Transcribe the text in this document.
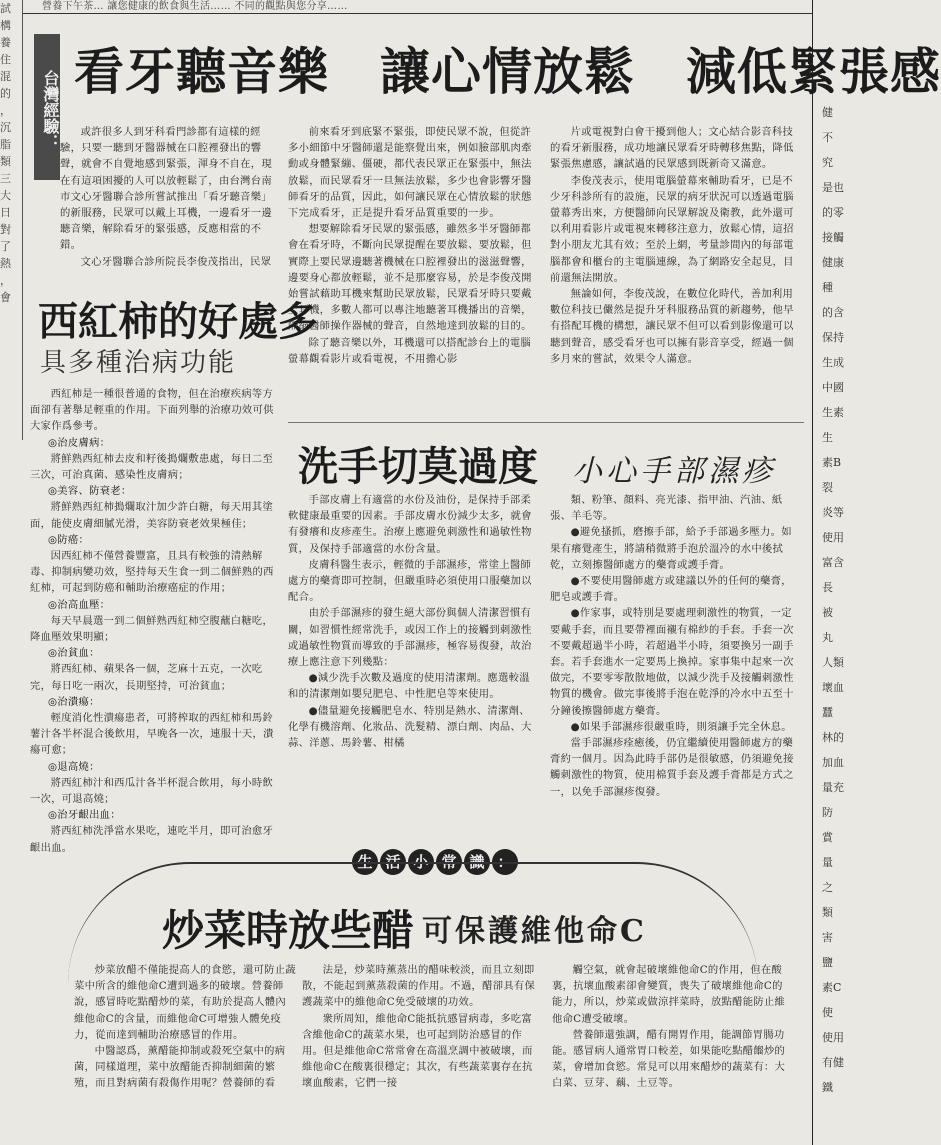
營養下午茶… 讓您健康的飲食與生活…… 不同的觀點與您分享……
試
構
養
住
混
的
，
沉
脂
類
三
大
日
對
了
熱
，
會
健
不
究
是也
的零
接觸
健康
種
的含
保持
生成
中國
生素
生
素B
裂
炎等
使用
富含
長
被
丸
人類
壞血
蠶
林的
加血
量充
防
賞
量
之
類
害
鹽
素C
使
使用
有健
鐵
台灣經驗： 看牙聽音樂　讓心情放鬆　減低緊張感

或許很多人到牙科看門診都有這樣的經驗，只要一聽到牙醫器械在口腔裡發出的響聲，就會不自覺地感到緊張，渾身不自在，現在有這項困擾的人可以放輕鬆了，由台灣台南市文心牙醫聯合診所嘗試推出「看牙聽音樂」的新服務，民眾可以戴上耳機，一邊看牙一邊聽音樂，解除看牙的緊張感，反應相當的不錯。

文心牙醫聯合診所院長李俊茂指出，民眾

前來看牙到底緊不緊張，即使民眾不說，但從許多小細節中牙醫師還是能察覺出來，例如臉部肌肉牽動或身體緊繃、僵硬，都代表民眾正在緊張中，無法放鬆，而民眾看牙一旦無法放鬆，多少也會影響牙醫師看牙的品質，因此，如何讓民眾在心情放鬆的狀態下完成看牙，正是提升看牙品質重要的一步。

想要解除看牙民眾的緊張感，雖然多半牙醫師都會在看牙時，不斷向民眾提醒在要放鬆、要放鬆，但實際上要民眾邊聽著機械在口腔裡發出的滋滋聲響，邊要身心都放輕鬆，並不是那麼容易，於是李俊茂開始嘗試藉助耳機來幫助民眾放鬆，民眾看牙時只要戴上耳機，多數人都可以專注地聽著耳機播出的音樂，隔絕醫師操作器械的聲音，自然地達到放鬆的目的。

除了聽音樂以外，耳機還可以搭配診台上的電腦螢幕觀看影片或看電視，不用擔心影

片或電視對白會干擾到他人；文心結合影音科技的看牙新服務，成功地讓民眾看牙時轉移焦點，降低緊張焦慮感，讓試過的民眾感到既新奇又滿意。

李俊茂表示，使用電腦螢幕來輔助看牙，已是不少牙科診所有的設施，民眾的病牙狀況可以透過電腦螢幕秀出來，方便醫師向民眾解說及衛教，此外還可以利用看影片或電視來轉移注意力，放鬆心情，這招對小朋友尤其有效；至於上網，考量診間內的每部電腦都會和櫃台的主電腦連線，為了網路安全起見，目前還無法開放。

無論如何，李俊茂說，在數位化時代，善加利用數位科技已儼然是提升牙科服務品質的新趨勢，他早有搭配耳機的構想，讓民眾不但可以看到影像還可以聽到聲音，感受看牙也可以擁有影音享受，經過一個多月來的嘗試，效果令人滿意。

西紅柿的好處多
具多種治病功能

西紅柿是一種很普通的食物，但在治療疾病等方面卻有著舉足輕重的作用。下面列舉的治療功效可供大家作爲參考。

◎治皮膚病：

將鮮熟西紅柿去皮和籽後搗爛敷患處，每日二至三次，可治真菌、感染性皮膚病；

◎美容、防衰老：

將鮮熟西紅柿搗爛取汁加少許白糖，每天用其塗面，能使皮膚細膩光滑，美容防衰老效果極佳；

◎防癌：

因西紅柿不僅營養豐富，且具有較強的清熱解毒、抑制病變功效，堅持每天生食一到二個鮮熟的西紅柿，可起到防癌和輔助治療癌症的作用；

◎治高血壓：

每天早晨選一到二個鮮熟西紅柿空腹蘸白糖吃，降血壓效果明顯；

◎治貧血：

將西紅柿、蘋果各一個，芝麻十五克，一次吃完，每日吃一兩次，長期堅持，可治貧血；

◎治潰瘍：

輕度消化性潰瘍患者，可將榨取的西紅柿和馬鈴薯汁各半杯混合後飲用，早晚各一次，連服十天，潰瘍可愈；

◎退高燒：

將西紅柿汁和西瓜汁各半杯混合飲用，每小時飲一次，可退高燒；

◎治牙齦出血：

將西紅柿洗淨當水果吃，連吃半月，即可治愈牙齦出血。

洗手切莫過度 小心手部濕疹

手部皮膚上有適當的水份及油份，是保持手部柔軟健康最重要的因素。手部皮膚水份減少太多，就會有發癢和皮疹產生。治療上應避免刺激性和過敏性物質，及保持手部適當的水份含量。

皮膚科醫生表示，輕微的手部濕疹，常塗上醫師處方的藥膏即可控制，但嚴重時必須使用口服藥加以配合。

由於手部濕疹的發生絕大部份與個人清潔習慣有關，如習慣性經常洗手，或因工作上的接觸到刺激性或過敏性物質而導致的手部濕疹，極容易復發，故治療上應注意下列幾點：

●減少洗手次數及過度的使用清潔劑。應選較溫和的清潔劑如嬰兒肥皂、中性肥皂等來使用。

●儘量避免接觸肥皂水、特別是熱水、清潔劑、化學有機溶劑、化妝品、洗髮精、漂白劑、肉品、大蒜、洋蔥、馬鈴薯、柑橘

類、粉筆、顏料、亮光漆、指甲油、汽油、紙張、羊毛等。

●避免搔抓，磨擦手部，給予手部過多壓力。如果有癢覺產生，將請稍微將手泡於溫冷的水中後拭乾，立刻擦醫師處方的藥膏或護手膏。

●不要使用醫師處方或建議以外的任何的藥膏，肥皂或護手膏。

●作家事，或特別是要處理刺激性的物質，一定要戴手套，而且要帶裡面襯有棉紗的手套。手套一次不要戴超過半小時，若超過半小時，須要換另一副手套。若手套進水一定要馬上換掉。家事集中起來一次做完，不要零零散散地做，以減少洗手及接觸刺激性物質的機會。做完事後將手泡在乾淨的冷水中五至十分鐘後擦醫師處方藥膏。

●如果手部濕疹很嚴重時，則須讓手完全休息。

當手部濕疹痊癒後，仍宜繼續使用醫師處方的藥膏約一個月。因為此時手部仍是很敏感，仍須避免接觸刺激性的物質，使用棉質手套及護手膏都是方式之一，以免手部濕疹復發。

生 活 小 常 識 ：
炒菜時放些醋 可保護維他命C

炒菜放醋不僅能提高人的食慾，還可防止蔬菜中所含的維他命C遭到過多的破壞。營養師說，感冒時吃點醋炒的菜，有助於提高人體內維他命C的含量，而維他命C可增強人體免疫力，從而達到輔助治療感冒的作用。

中醫認爲，薰醋能抑制或殺死空氣中的病菌，同樣道理，菜中放醋能否抑制細菌的繁殖，而且對病菌有殺傷作用呢？營養師的看

法是，炒菜時薰蒸出的醋味較淡，而且立刻即散，不能起到薰蒸殺菌的作用。不過，醋卻具有保護蔬菜中的維他命C免受破壞的功效。

衆所周知，維他命C能抵抗感冒病毒，多吃富含維他命C的蔬菜水果，也可起到防治感冒的作用。但是維他命C常常會在高溫烹調中被破壞，而維他命C在酸裏很穩定；其次，有些蔬菜裏存在抗壞血酸素，它們一接

觸空氣，就會起破壞維他命C的作用，但在酸裏，抗壞血酸素卻會變質，喪失了破壞維他命C的能力，所以，炒菜或做涼拌菜時，放點醋能防止維他命C遭受破壞。

營養師還強調，醋有開胃作用，能調節胃腸功能。感冒病人通常胃口較差，如果能吃點醋餾炒的菜，會增加食慾。常見可以用來醋炒的蔬菜有：大白菜、豆芽、藕、土豆等。
